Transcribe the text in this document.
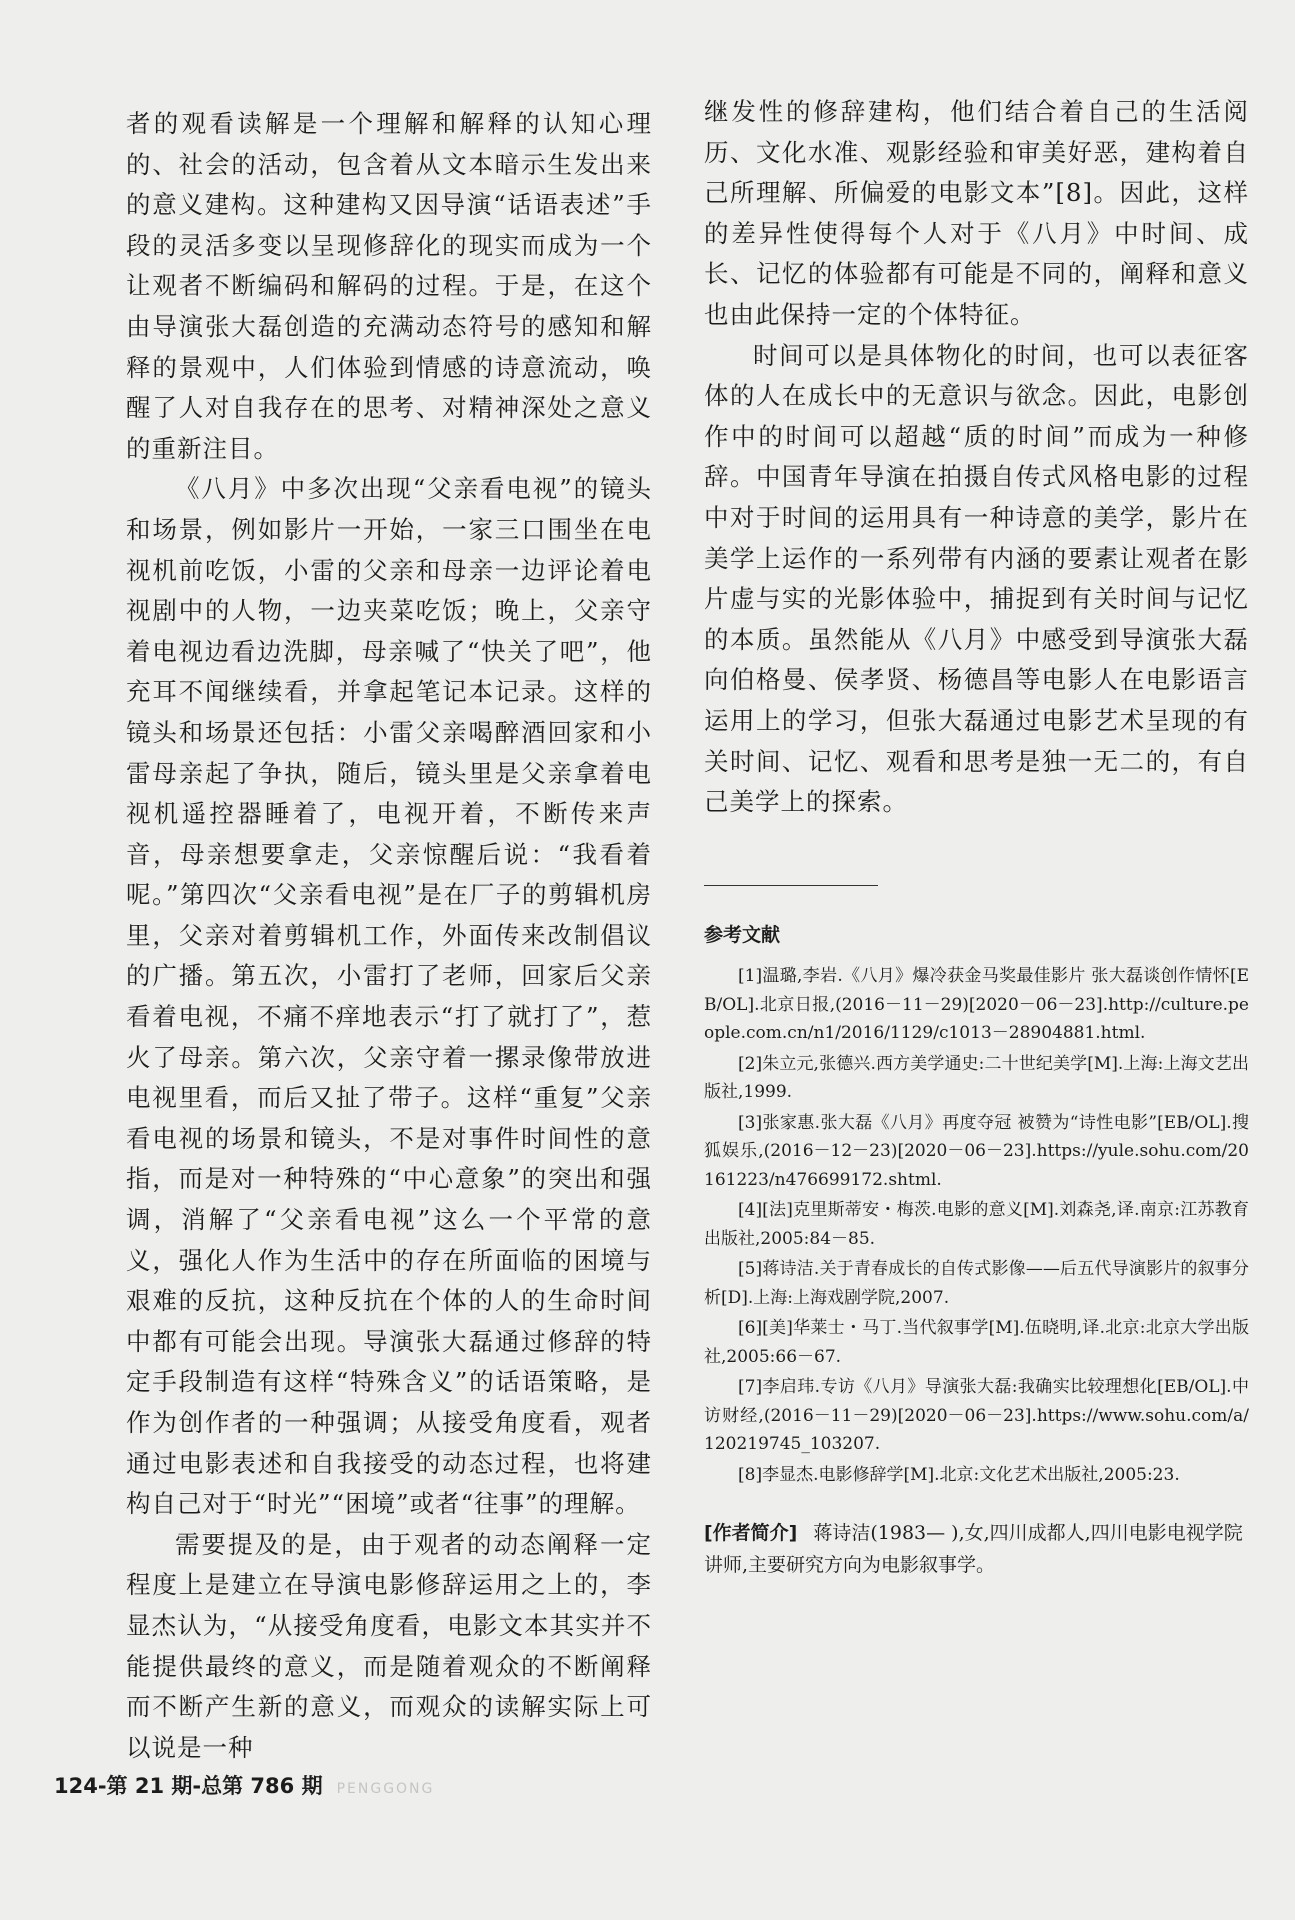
者的观看读解是一个理解和解释的认知心理的、社会的活动，包含着从文本暗示生发出来的意义建构。这种建构又因导演“话语表述”手段的灵活多变以呈现修辞化的现实而成为一个让观者不断编码和解码的过程。于是，在这个由导演张大磊创造的充满动态符号的感知和解释的景观中，人们体验到情感的诗意流动，唤醒了人对自我存在的思考、对精神深处之意义的重新注目。

《八月》中多次出现“父亲看电视”的镜头和场景，例如影片一开始，一家三口围坐在电视机前吃饭，小雷的父亲和母亲一边评论着电视剧中的人物，一边夹菜吃饭；晚上，父亲守着电视边看边洗脚，母亲喊了“快关了吧”，他充耳不闻继续看，并拿起笔记本记录。这样的镜头和场景还包括：小雷父亲喝醉酒回家和小雷母亲起了争执，随后，镜头里是父亲拿着电视机遥控器睡着了，电视开着，不断传来声音，母亲想要拿走，父亲惊醒后说：“我看着呢。”第四次“父亲看电视”是在厂子的剪辑机房里，父亲对着剪辑机工作，外面传来改制倡议的广播。第五次，小雷打了老师，回家后父亲看着电视，不痛不痒地表示“打了就打了”，惹火了母亲。第六次，父亲守着一摞录像带放进电视里看，而后又扯了带子。这样“重复”父亲看电视的场景和镜头，不是对事件时间性的意指，而是对一种特殊的“中心意象”的突出和强调，消解了“父亲看电视”这么一个平常的意义，强化人作为生活中的存在所面临的困境与艰难的反抗，这种反抗在个体的人的生命时间中都有可能会出现。导演张大磊通过修辞的特定手段制造有这样“特殊含义”的话语策略，是作为创作者的一种强调；从接受角度看，观者通过电影表述和自我接受的动态过程，也将建构自己对于“时光”“困境”或者“往事”的理解。

需要提及的是，由于观者的动态阐释一定程度上是建立在导演电影修辞运用之上的，李显杰认为，“从接受角度看，电影文本其实并不能提供最终的意义，而是随着观众的不断阐释而不断产生新的意义，而观众的读解实际上可以说是一种

继发性的修辞建构，他们结合着自己的生活阅历、文化水准、观影经验和审美好恶，建构着自己所理解、所偏爱的电影文本”[8]。因此，这样的差异性使得每个人对于《八月》中时间、成长、记忆的体验都有可能是不同的，阐释和意义也由此保持一定的个体特征。

时间可以是具体物化的时间，也可以表征客体的人在成长中的无意识与欲念。因此，电影创作中的时间可以超越“质的时间”而成为一种修辞。中国青年导演在拍摄自传式风格电影的过程中对于时间的运用具有一种诗意的美学，影片在美学上运作的一系列带有内涵的要素让观者在影片虚与实的光影体验中，捕捉到有关时间与记忆的本质。虽然能从《八月》中感受到导演张大磊向伯格曼、侯孝贤、杨德昌等电影人在电影语言运用上的学习，但张大磊通过电影艺术呈现的有关时间、记忆、观看和思考是独一无二的，有自己美学上的探索。

参考文献
[1]温璐,李岩.《八月》爆冷获金马奖最佳影片 张大磊谈创作情怀[EB/OL].北京日报,(2016－11－29)[2020－06－23].http://culture.people.com.cn/n1/2016/1129/c1013－28904881.html.
[2]朱立元,张德兴.西方美学通史:二十世纪美学[M].上海:上海文艺出版社,1999.
[3]张家惠.张大磊《八月》再度夺冠 被赞为“诗性电影”[EB/OL].搜狐娱乐,(2016－12－23)[2020－06－23].https://yule.sohu.com/20161223/n476699172.shtml.
[4][法]克里斯蒂安・梅茨.电影的意义[M].刘森尧,译.南京:江苏教育出版社,2005:84－85.
[5]蒋诗洁.关于青春成长的自传式影像——后五代导演影片的叙事分析[D].上海:上海戏剧学院,2007.
[6][美]华莱士・马丁.当代叙事学[M].伍晓明,译.北京:北京大学出版社,2005:66－67.
[7]李启玮.专访《八月》导演张大磊:我确实比较理想化[EB/OL].中访财经,(2016－11－29)[2020－06－23].https://www.sohu.com/a/120219745_103207.
[8]李显杰.电影修辞学[M].北京:文化艺术出版社,2005:23.
[作者简介] 蒋诗洁(1983— ),女,四川成都人,四川电影电视学院讲师,主要研究方向为电影叙事学。
124-第 21 期-总第 786 期 PENGGONG
